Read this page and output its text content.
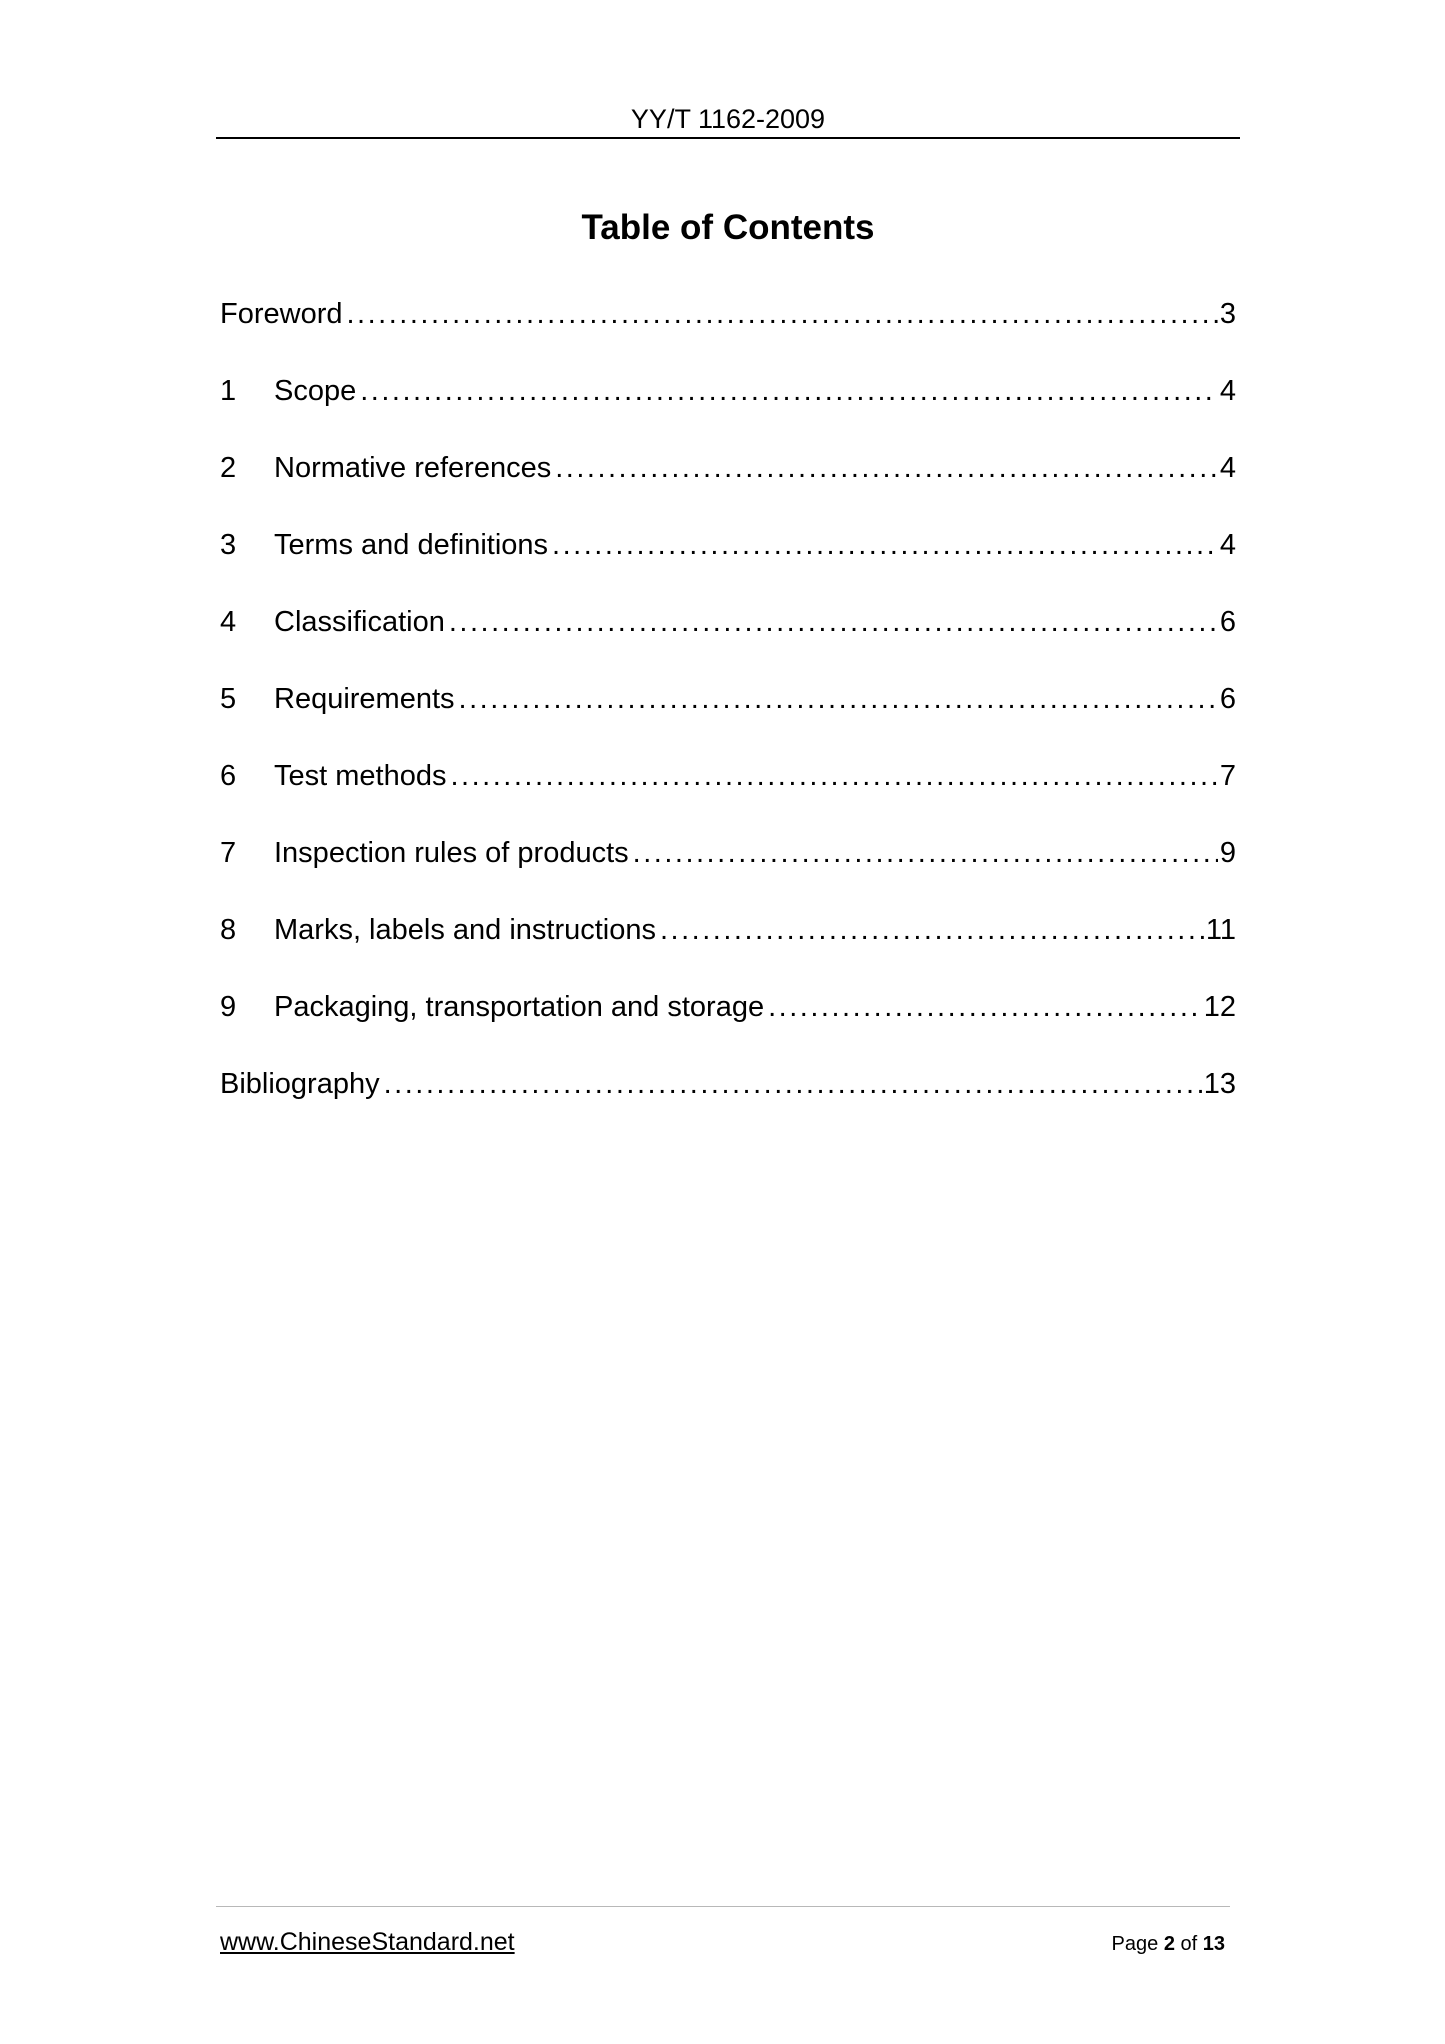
YY/T 1162-2009
Table of Contents
Foreword .....	3
1	Scope .....	4
2	Normative references .....	4
3	Terms and definitions .....	4
4	Classification .....	6
5	Requirements .....	6
6	Test methods .....	7
7	Inspection rules of products .....	9
8	Marks, labels and instructions .....	11
9	Packaging, transportation and storage .....	12
Bibliography .....	13
www.ChineseStandard.net	Page 2 of 13
